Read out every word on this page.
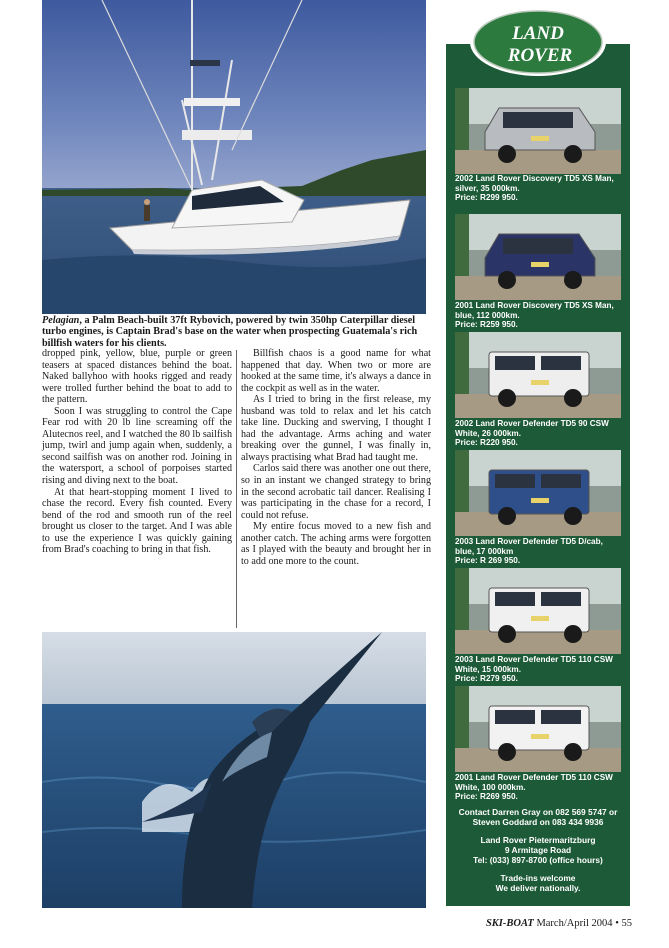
Pelagian, a Palm Beach-built 37ft Rybovich, powered by twin 350hp Caterpillar diesel turbo engines, is Captain Brad's base on the water when prospecting Guatemala's rich billfish waters for his clients.

dropped pink, yellow, blue, purple or green teasers at spaced distances behind the boat. Naked ballyhoo with hooks rigged and ready were trolled further behind the boat to add to the pattern.

Soon I was struggling to control the Cape Fear rod with 20 lb line screaming off the Alutecnos reel, and I watched the 80 lb sailfish jump, twirl and jump again when, suddenly, a second sailfish was on another rod. Joining in the watersport, a school of porpoises started rising and diving next to the boat.

At that heart-stopping moment I lived to chase the record. Every fish counted. Every bend of the rod and smooth run of the reel brought us closer to the target. And I was able to use the experience I was quickly gaining from Brad's coaching to bring in that fish.

Billfish chaos is a good name for what happened that day. When two or more are hooked at the same time, it's always a dance in the cockpit as well as in the water.

As I tried to bring in the first release, my husband was told to relax and let his catch take line. Ducking and swerving, I thought I had the advantage. Arms aching and water breaking over the gunnel, I was finally in, always practising what Brad had taught me.

Carlos said there was another one out there, so in an instant we changed strategy to bring in the second acrobatic tail dancer. Realising I was participating in the chase for a record, I could not refuse.

My entire focus moved to a new fish and another catch. The aching arms were forgotten as I played with the beauty and brought her in to add one more to the count.

LAND
ROVER
2002 Land Rover Discovery TD5 XS Man,
silver, 35 000km.
Price: R299 950.
2001 Land Rover Discovery TD5 XS Man,
blue, 112 000km.
Price: R259 950.
2002 Land Rover Defender TD5 90 CSW
White, 26 000km.
Price: R220 950.
2003 Land Rover Defender TD5 D/cab,
blue, 17 000km
Price: R 269 950.
2003 Land Rover Defender TD5 110 CSW
White, 15 000km.
Price: R279 950.
2001 Land Rover Defender TD5 110 CSW
White, 100 000km.
Price: R269 950.
Contact Darren Gray on 082 569 5747 or
Steven Goddard on 083 434 9936
Land Rover Pietermaritzburg
9 Armitage Road
Tel: (033) 897-8700 (office hours)
Trade-ins welcome
We deliver nationally.
SKI-BOAT March/April 2004 • 55
